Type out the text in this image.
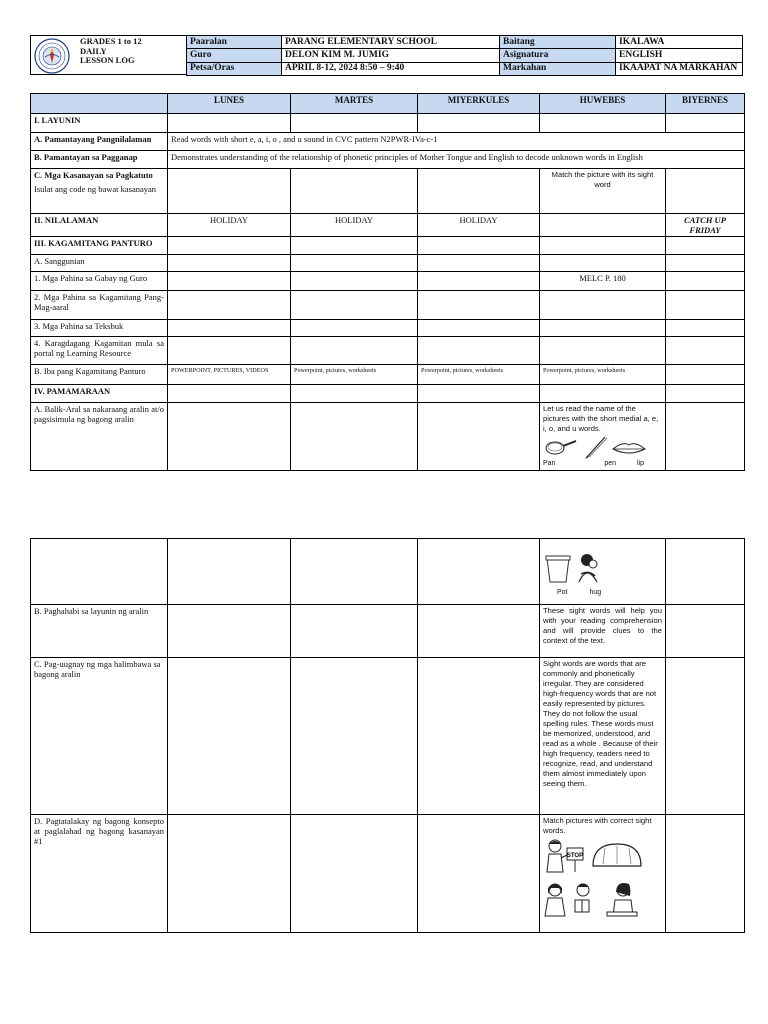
GRADES 1 to 12
DAILY
LESSON LOG
Paaralan	PARANG ELEMENTARY SCHOOL	Baitang	IKALAWA
Guro	DELON KIM M. JUMIG	Asignatura	ENGLISH
Petsa/Oras	APRIL 8-12, 2024 8:50 – 9:40	Markahan	IKAAPAT NA MARKAHAN
	LUNES	MARTES	MIYERKULES	HUWEBES	BIYERNES
I. LAYUNIN					
A. Pamantayang Pangnilalaman	Read words with short e, a, i, o , and u sound in CVC pattern N2PWR-IVa-c-1				
B. Pamantayan sa Pagganap	Demonstrates understanding of the relationship of phonetic principles of Mother Tongue and English to decode unknown words in English				

C. Mga Kasanayan sa Pagkatuto
Isulat ang code ng bawat kasanayan				Match the picture with its sight word	
II. NILALAMAN	HOLIDAY	HOLIDAY	HOLIDAY		CATCH UP FRIDAY
III. KAGAMITANG PANTURO					
A. Sanggunian					
1. Mga Pahina sa Gabay ng Guro				MELC P. 180	
2. Mga Pahina sa Kagamitang Pang- Mag-aaral					
3. Mga Pahina sa Teksbuk					
4. Karagdagang Kagamitan mula sa portal ng Learning Resource					
B. Iba pang Kagamitang Panturo	POWERPOINT, PICTURES, VIDEOS	Powerpoint, pictures, worksheets	Powerpoint, pictures, worksheets	Powerpoint, pictures, worksheets	
IV. PAMAMARAAN					
A. Balik-Aral sa nakaraang aralin at/o pagsisimula ng bagong aralin				Let us read the name of the pictures with the short medial a, e, i, o, and u words.
Pan pen lip	

				Pot hug	

B. Paghahabi sa layunin ng aralin				These sight words will help you with your reading comprehension and will provide clues to the context of the text.	
C. Pag-uugnay ng mga halimbawa sa bagong aralin				Sight words are words that are commonly and phonetically irregular. They are considered high-frequency words that are not easily represented by pictures. They do not follow the usual spelling rules. These words must be memorized, understood, and read as a whole . Because of their high frequency, readers need to recognize, read, and understand them almost immediately upon seeing them.	
D. Pagtatalakay ng bagong konsepto at paglalahad ng bagong kasanayan #1				Match pictures with correct sight words.
STOP	
